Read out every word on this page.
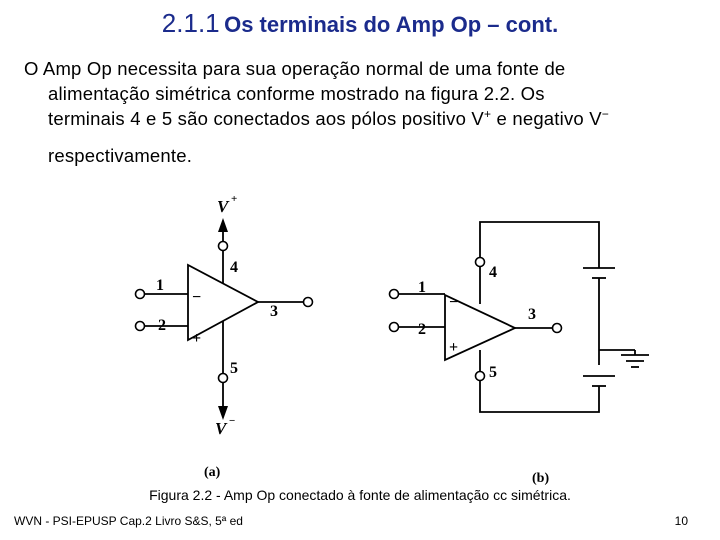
2.1.1 Os terminais do Amp Op – cont.
O Amp Op necessita para sua operação normal de uma fonte de
alimentação simétrica conforme mostrado na figura 2.2. Os
terminais 4 e 5 são conectados aos pólos positivo V+ e negativo V−
respectivamente.
V +
V −
1
2
3
4
5
−
+
(a)
1
2
3
4
5
−
+
(b)
Figura 2.2 - Amp Op conectado à fonte de alimentação cc simétrica.
WVN - PSI-EPUSP Cap.2 Livro S&S, 5ª ed	10
